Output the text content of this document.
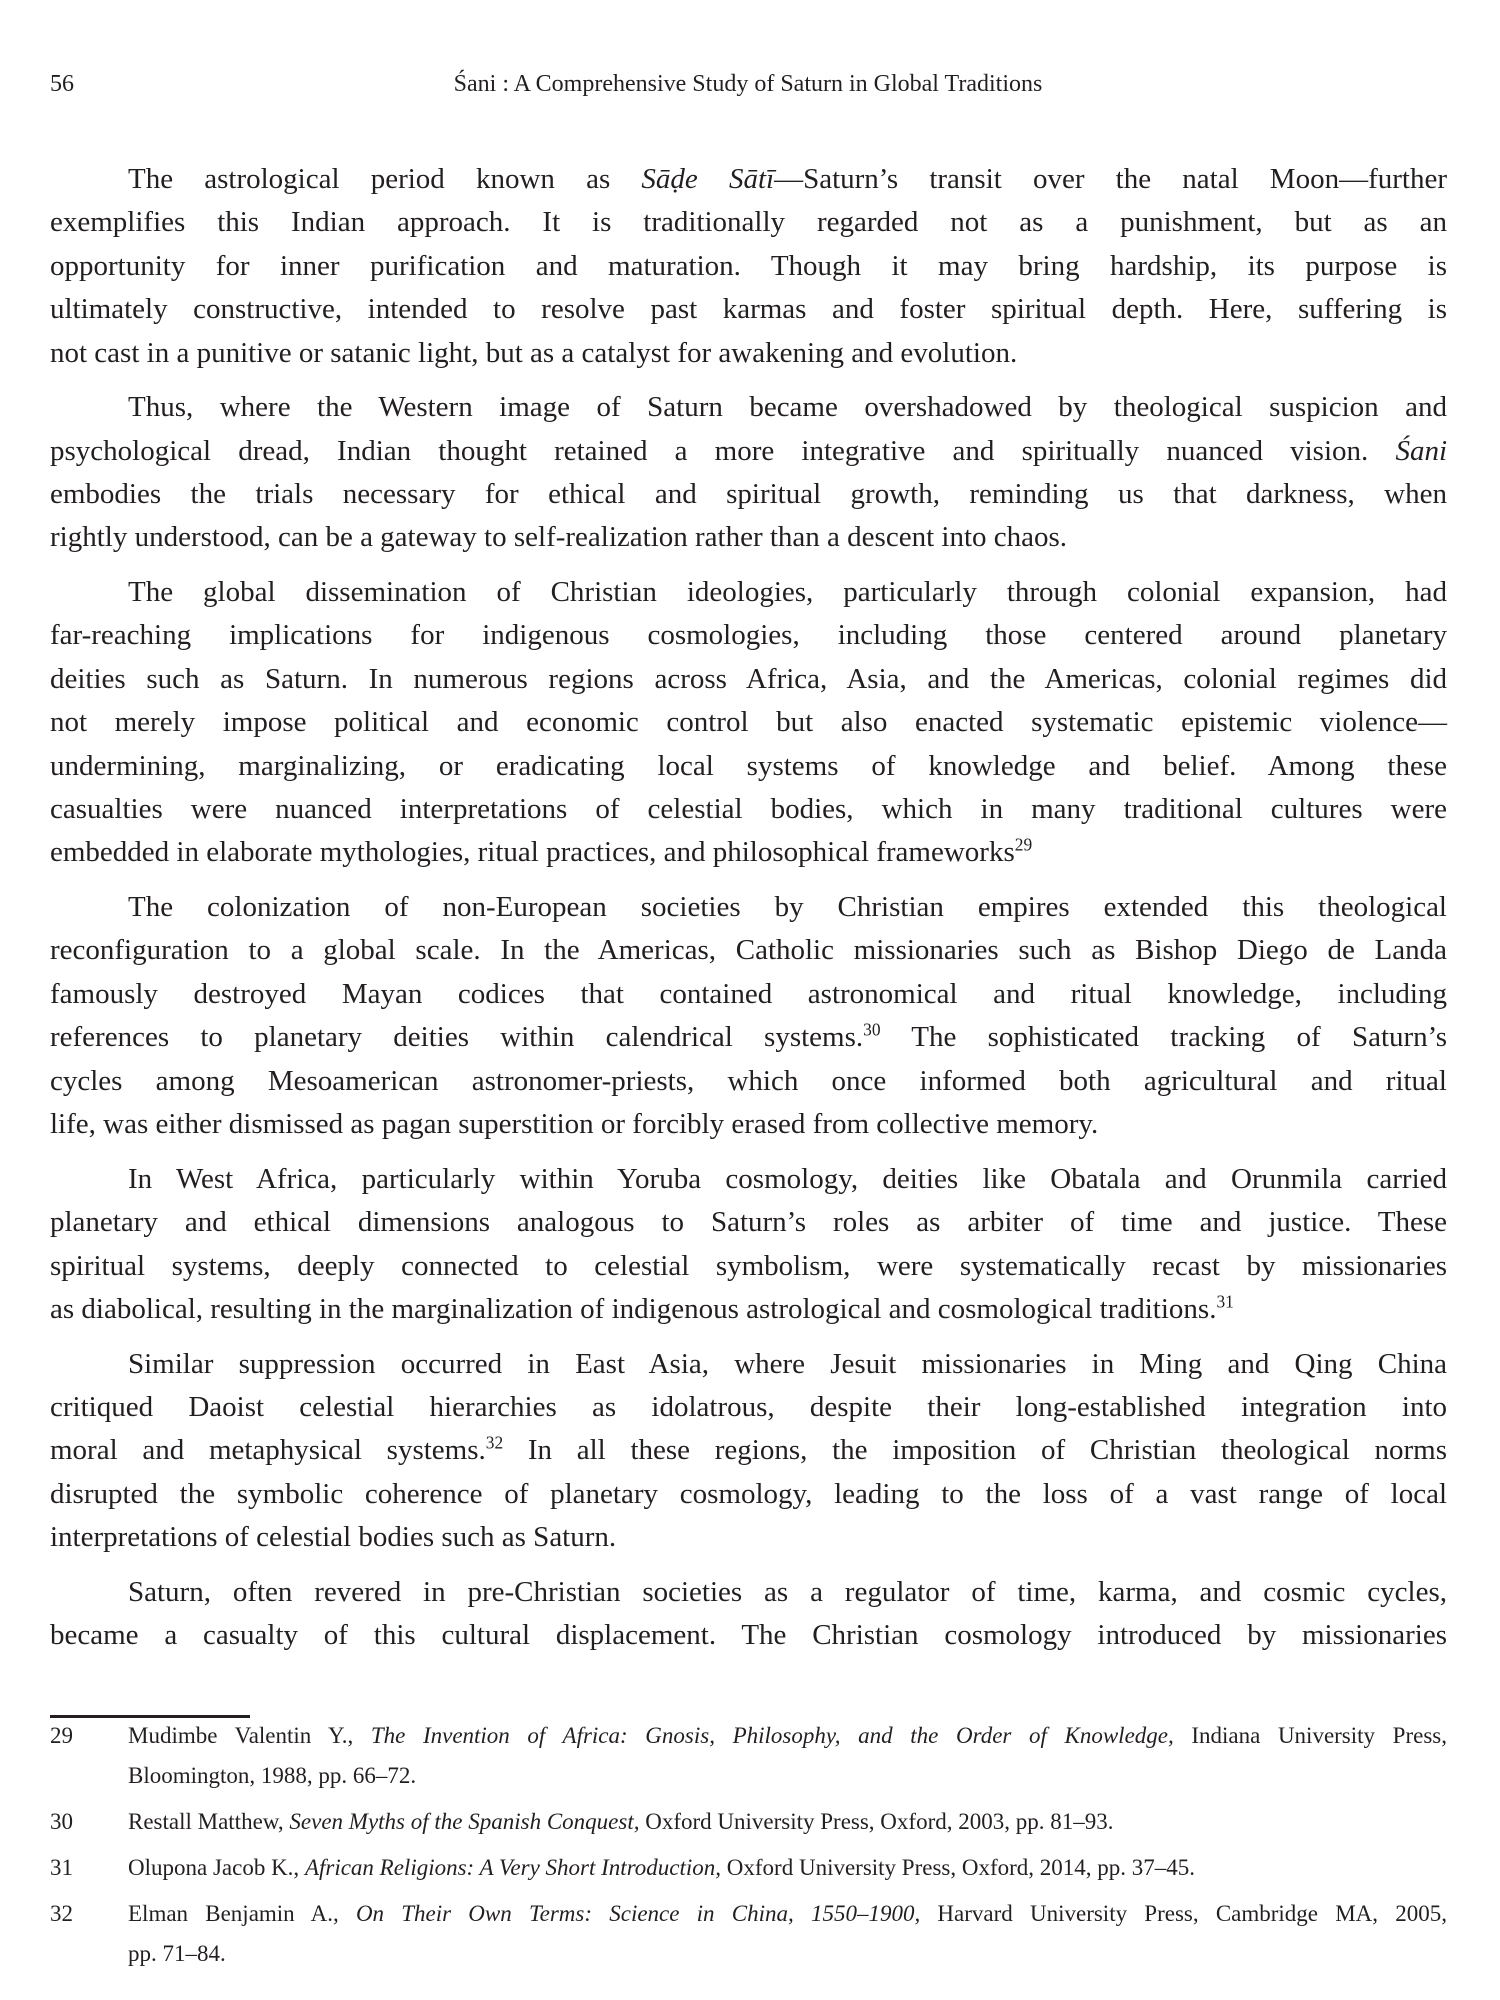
56	Śani : A Comprehensive Study of Saturn in Global Traditions
The astrological period known as Sāḍe Sātī—Saturn’s transit over the natal Moon—further
exemplifies this Indian approach. It is traditionally regarded not as a punishment, but as an
opportunity for inner purification and maturation. Though it may bring hardship, its purpose is
ultimately constructive, intended to resolve past karmas and foster spiritual depth. Here, suffering is
not cast in a punitive or satanic light, but as a catalyst for awakening and evolution.
Thus, where the Western image of Saturn became overshadowed by theological suspicion and
psychological dread, Indian thought retained a more integrative and spiritually nuanced vision. Śani
embodies the trials necessary for ethical and spiritual growth, reminding us that darkness, when
rightly understood, can be a gateway to self-realization rather than a descent into chaos.
The global dissemination of Christian ideologies, particularly through colonial expansion, had
far-reaching implications for indigenous cosmologies, including those centered around planetary
deities such as Saturn. In numerous regions across Africa, Asia, and the Americas, colonial regimes did
not merely impose political and economic control but also enacted systematic epistemic violence—
undermining, marginalizing, or eradicating local systems of knowledge and belief. Among these
casualties were nuanced interpretations of celestial bodies, which in many traditional cultures were
embedded in elaborate mythologies, ritual practices, and philosophical frameworks$^{29}$
The colonization of non-European societies by Christian empires extended this theological
reconfiguration to a global scale. In the Americas, Catholic missionaries such as Bishop Diego de Landa
famously destroyed Mayan codices that contained astronomical and ritual knowledge, including
references to planetary deities within calendrical systems.$^{30}$ The sophisticated tracking of Saturn’s
cycles among Mesoamerican astronomer-priests, which once informed both agricultural and ritual
life, was either dismissed as pagan superstition or forcibly erased from collective memory.
In West Africa, particularly within Yoruba cosmology, deities like Obatala and Orunmila carried
planetary and ethical dimensions analogous to Saturn’s roles as arbiter of time and justice. These
spiritual systems, deeply connected to celestial symbolism, were systematically recast by missionaries
as diabolical, resulting in the marginalization of indigenous astrological and cosmological traditions.$^{31}$
Similar suppression occurred in East Asia, where Jesuit missionaries in Ming and Qing China
critiqued Daoist celestial hierarchies as idolatrous, despite their long-established integration into
moral and metaphysical systems.$^{32}$ In all these regions, the imposition of Christian theological norms
disrupted the symbolic coherence of planetary cosmology, leading to the loss of a vast range of local
interpretations of celestial bodies such as Saturn.
Saturn, often revered in pre-Christian societies as a regulator of time, karma, and cosmic cycles,
became a casualty of this cultural displacement. The Christian cosmology introduced by missionaries
29 Mudimbe Valentin Y., The Invention of Africa: Gnosis, Philosophy, and the Order of Knowledge, Indiana University Press,
Bloomington, 1988, pp. 66–72.
30 Restall Matthew, Seven Myths of the Spanish Conquest, Oxford University Press, Oxford, 2003, pp. 81–93.
31 Olupona Jacob K., African Religions: A Very Short Introduction, Oxford University Press, Oxford, 2014, pp. 37–45.
32 Elman Benjamin A., On Their Own Terms: Science in China, 1550–1900, Harvard University Press, Cambridge MA, 2005,
pp. 71–84.
